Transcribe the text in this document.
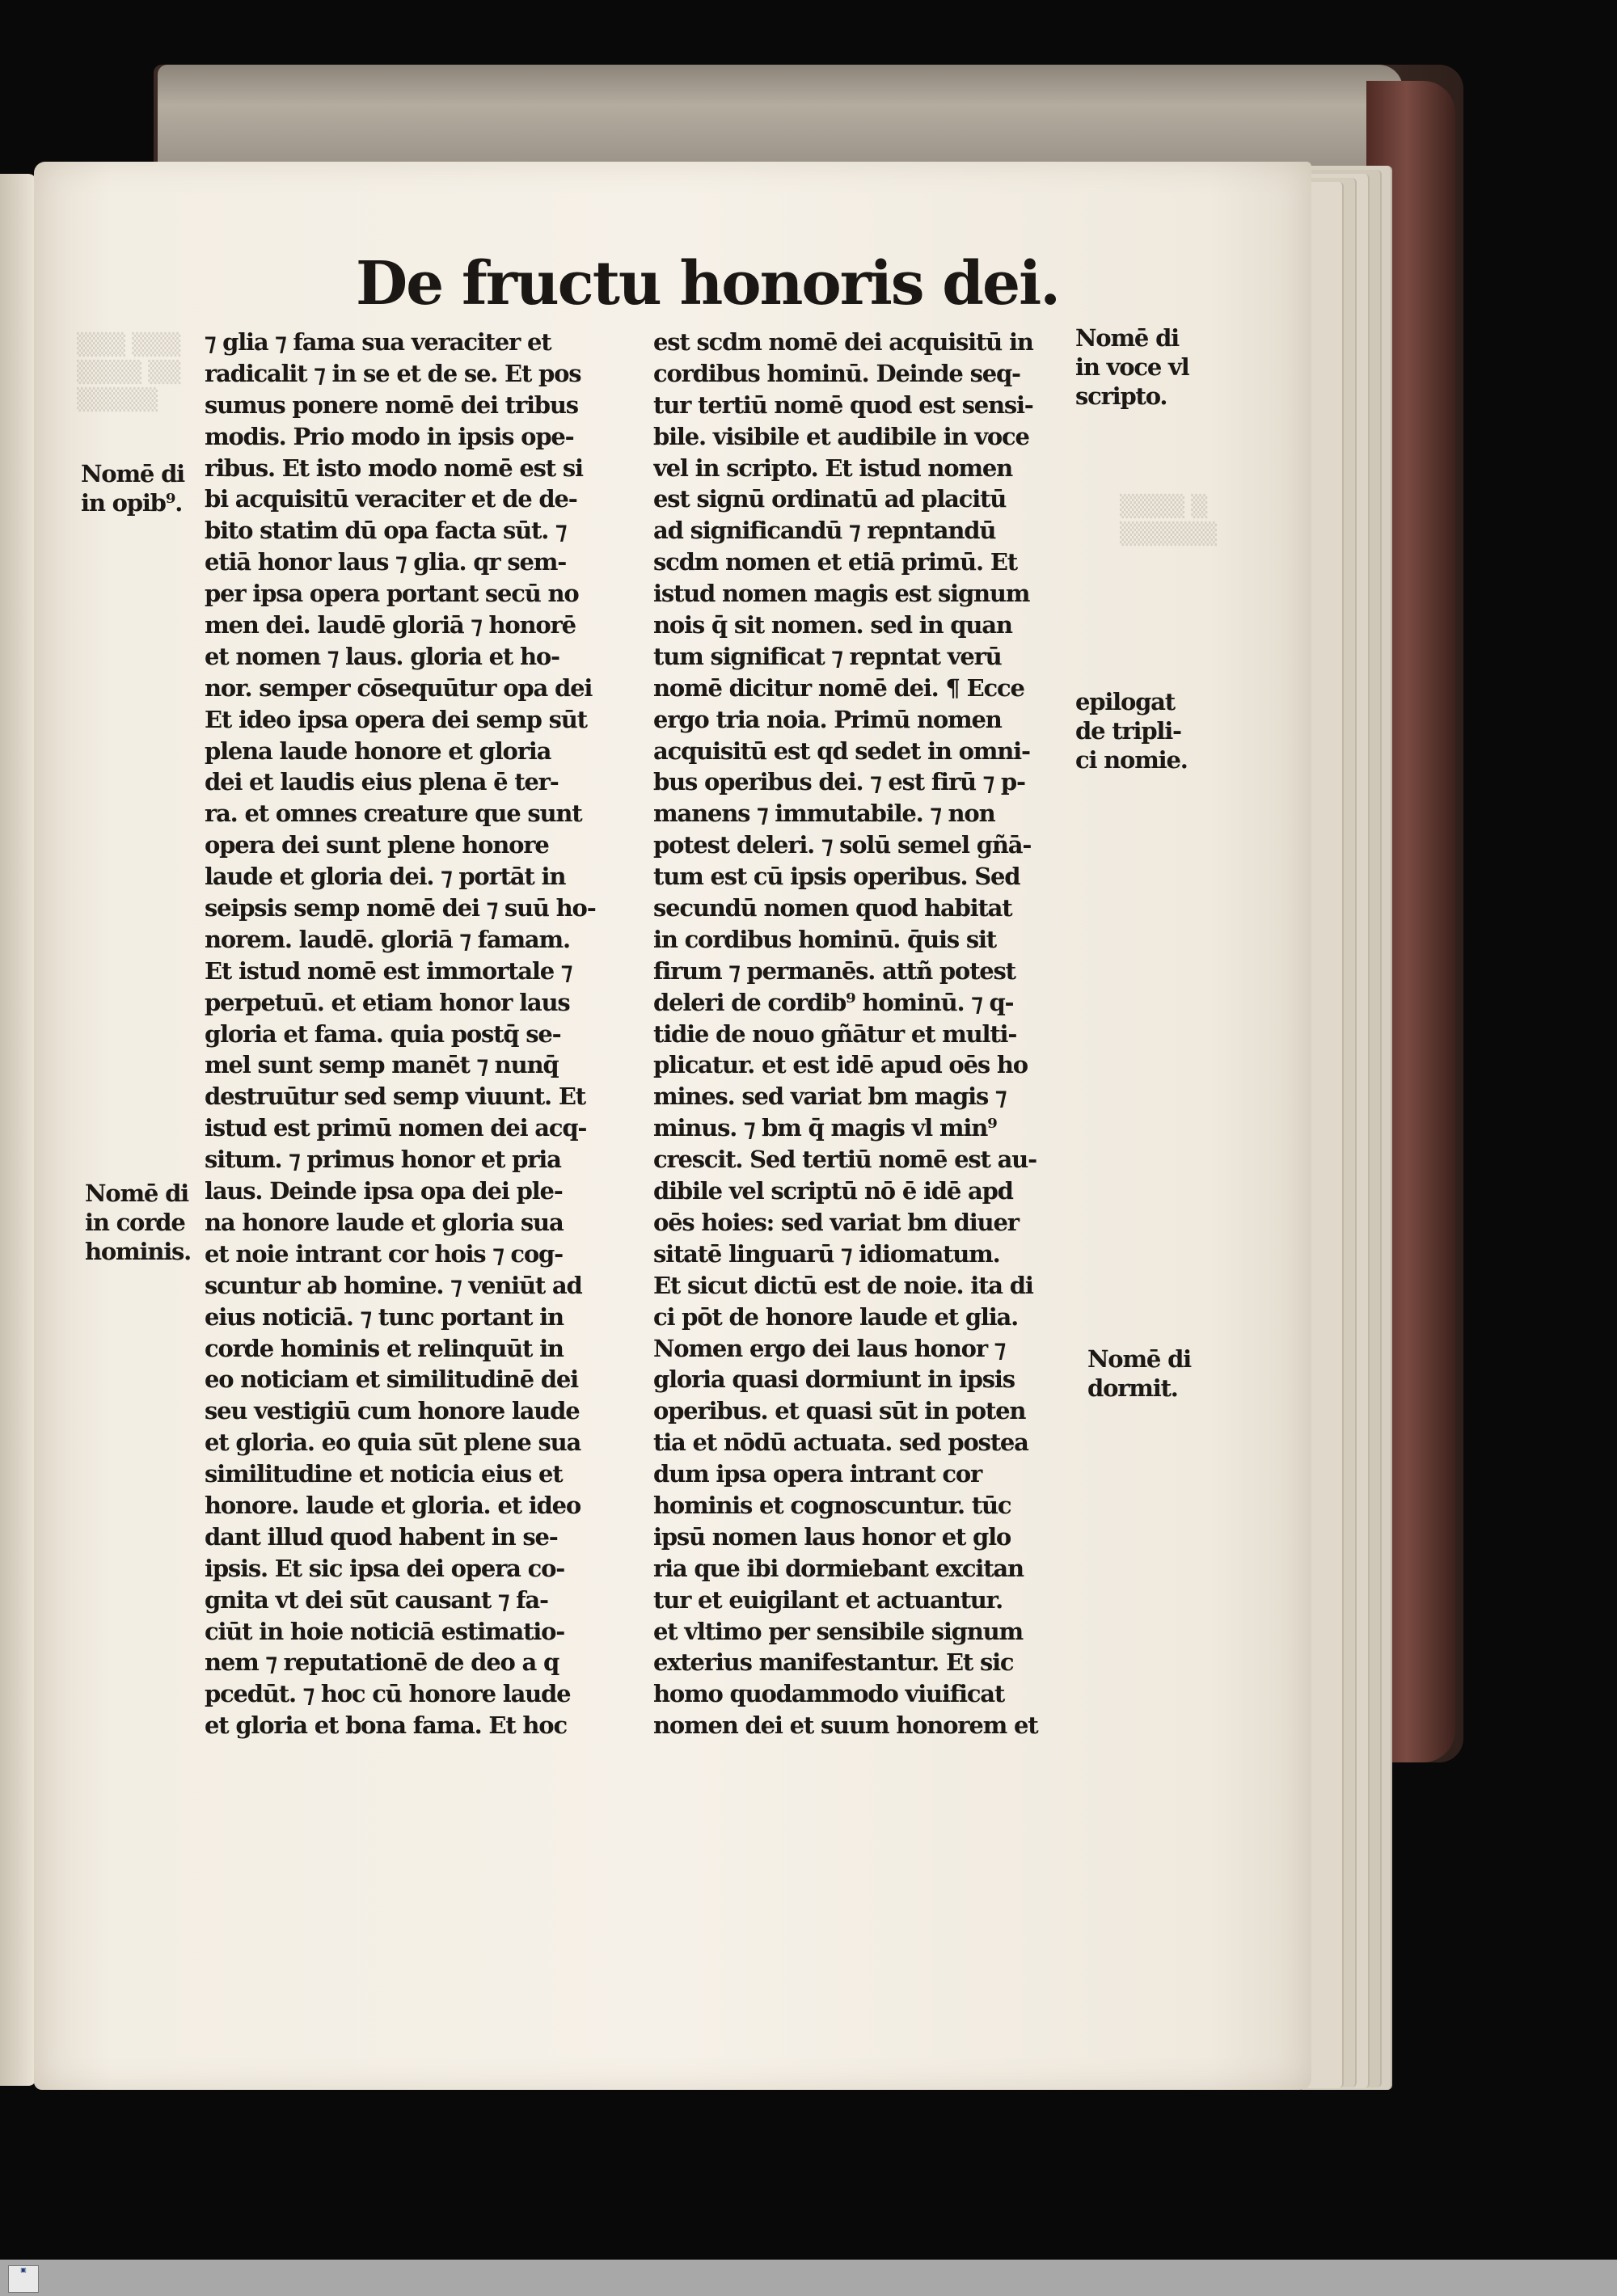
▒▒▒ ▒▒▒
▒▒▒▒ ▒▒
▒▒▒▒▒
▒▒▒▒ ▒
▒▒▒▒▒▒
De fructu honoris dei.
⁊ glia ⁊ fama sua veraciter et
radicalit ⁊ in se et de se. Et pos
sumus ponere nomē dei tribus
modis. Prio modo in ipsis ope-
ribus. Et isto modo nomē est si
bi acquisitū veraciter et de de-
bito statim dū opa facta sūt. ⁊
etiā honor laus ⁊ glia. qr sem-
per ipsa opera portant secū no
men dei. laudē gloriā ⁊ honorē
et nomen ⁊ laus. gloria et ho-
nor. semper cōsequūtur opa dei
Et ideo ipsa opera dei semp sūt
plena laude honore et gloria
dei et laudis eius plena ē ter-
ra. et omnes creature que sunt
opera dei sunt plene honore
laude et gloria dei. ⁊ portāt in
seipsis semp nomē dei ⁊ suū ho-
norem. laudē. gloriā ⁊ famam.
Et istud nomē est immortale ⁊
perpetuū. et etiam honor laus
gloria et fama. quia postq̄ se-
mel sunt semp manēt ⁊ nunq̄
destruūtur sed semp viuunt. Et
istud est primū nomen dei acq-
situm. ⁊ primus honor et pria
laus. Deinde ipsa opa dei ple-
na honore laude et gloria sua
et noie intrant cor hois ⁊ cog-
scuntur ab homine. ⁊ veniūt ad
eius noticiā. ⁊ tunc portant in
corde hominis et relinquūt in
eo noticiam et similitudinē dei
seu vestigiū cum honore laude
et gloria. eo quia sūt plene sua
similitudine et noticia eius et
honore. laude et gloria. et ideo
dant illud quod habent in se-
ipsis. Et sic ipsa dei opera co-
gnita vt dei sūt causant ⁊ fa-
ciūt in hoie noticiā estimatio-
nem ⁊ reputationē de deo a q
pcedūt. ⁊ hoc cū honore laude
et gloria et bona fama. Et hoc
est scdm nomē dei acquisitū in
cordibus hominū. Deinde seq-
tur tertiū nomē quod est sensi-
bile. visibile et audibile in voce
vel in scripto. Et istud nomen
est signū ordinatū ad placitū
ad significandū ⁊ repntandū
scdm nomen et etiā primū. Et
istud nomen magis est signum
nois q̄ sit nomen. sed in quan
tum significat ⁊ repntat verū
nomē dicitur nomē dei. ¶ Ecce
ergo tria noia. Primū nomen
acquisitū est qd sedet in omni-
bus operibus dei. ⁊ est firū ⁊ p-
manens ⁊ immutabile. ⁊ non
potest deleri. ⁊ solū semel gñā-
tum est cū ipsis operibus. Sed
secundū nomen quod habitat
in cordibus hominū. q̄uis sit
firum ⁊ permanēs. attñ potest
deleri de cordib⁹ hominū. ⁊ q-
tidie de nouo gñātur et multi-
plicatur. et est idē apud oēs ho
mines. sed variat bm magis ⁊
minus. ⁊ bm q̄ magis vl min⁹
crescit. Sed tertiū nomē est au-
dibile vel scriptū nō ē idē apd
oēs hoies: sed variat bm diuer
sitatē linguarū ⁊ idiomatum.
Et sicut dictū est de noie. ita di
ci pōt de honore laude et glia.
Nomen ergo dei laus honor ⁊
gloria quasi dormiunt in ipsis
operibus. et quasi sūt in poten
tia et nōdū actuata. sed postea
dum ipsa opera intrant cor
hominis et cognoscuntur. tūc
ipsū nomen laus honor et glo
ria que ibi dormiebant excitan
tur et euigilant et actuantur.
et vltimo per sensibile signum
exterius manifestantur. Et sic
homo quodammodo viuificat
nomen dei et suum honorem et
Nomē di
in opib⁹.
Nomē di
in corde
hominis.
Nomē di
in voce vl
scripto.
epilogat
de tripli-
ci nomie.
Nomē di
dormit.
▣
